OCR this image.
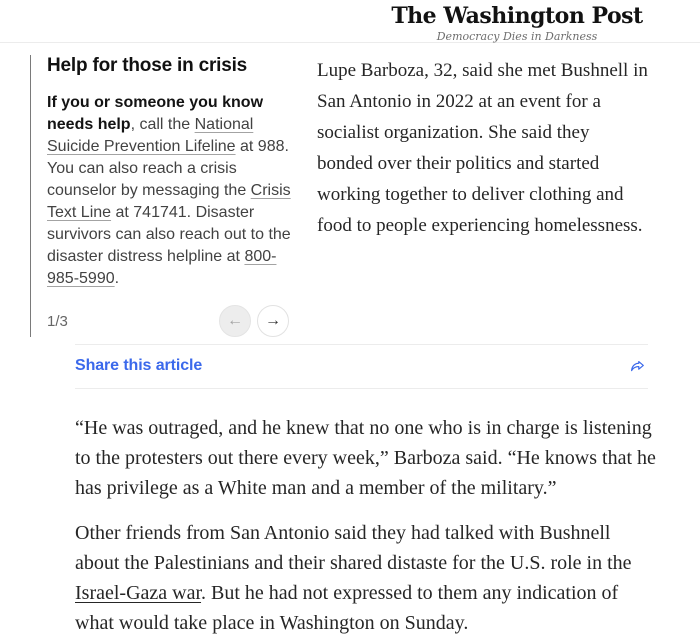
The Washington Post
Democracy Dies in Darkness
Help for those in crisis

If you or someone you know needs help, call the National Suicide Prevention Lifeline at 988. You can also reach a crisis counselor by messaging the Crisis Text Line at 741741. Disaster survivors can also reach out to the disaster distress helpline at 800-985-5990.

1/3	← →
Lupe Barboza, 32, said she met Bushnell in
San Antonio in 2022 at an event for a
socialist organization. She said they
bonded over their politics and started
working together to deliver clothing and
food to people experiencing homelessness.
Share this article
“He was outraged, and he knew that no one who is in charge is listening
to the protesters out there every week,” Barboza said. “He knows that he
has privilege as a White man and a member of the military.”
Other friends from San Antonio said they had talked with Bushnell
about the Palestinians and their shared distaste for the U.S. role in the
Israel-Gaza war. But he had not expressed to them any indication of
what would take place in Washington on Sunday.
